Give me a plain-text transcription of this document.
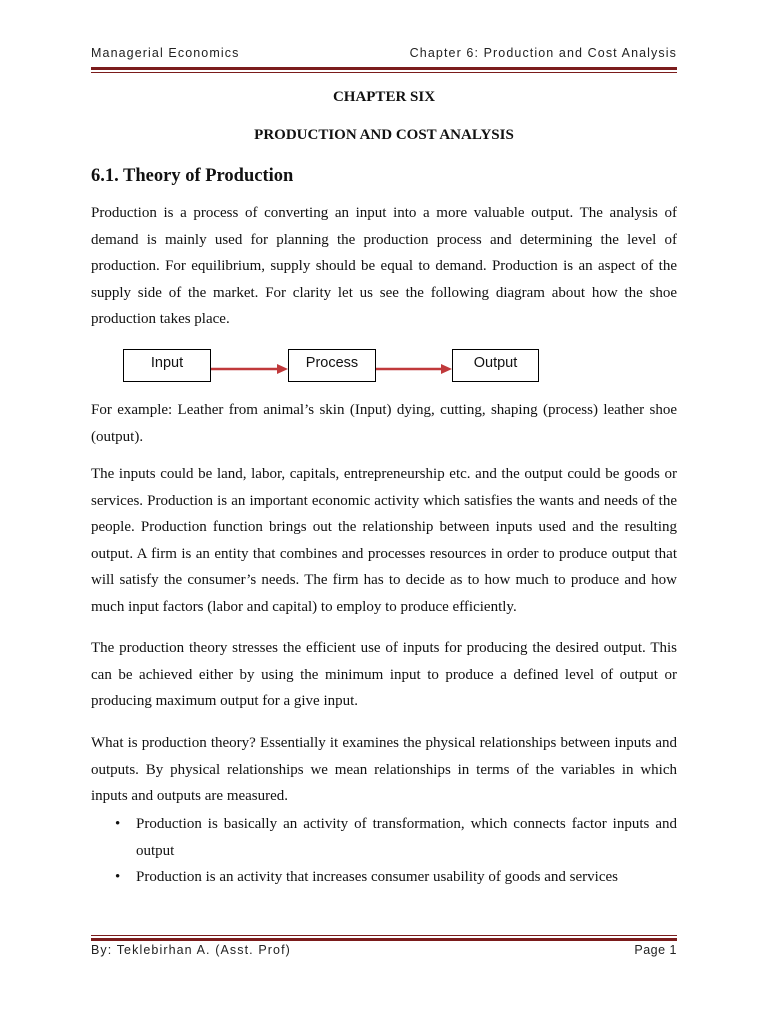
Managerial Economics	Chapter 6: Production and Cost Analysis
CHAPTER SIX
PRODUCTION AND COST ANALYSIS
6.1. Theory of Production

Production is a process of converting an input into a more valuable output. The analysis of demand is mainly used for planning the production process and determining the level of production. For equilibrium, supply should be equal to demand. Production is an aspect of the supply side of the market. For clarity let us see the following diagram about how the shoe production takes place.

Input	Process	Output

For example: Leather from animal’s skin (Input) dying, cutting, shaping (process) leather shoe (output).

The inputs could be land, labor, capitals, entrepreneurship etc. and the output could be goods or services. Production is an important economic activity which satisfies the wants and needs of the people. Production function brings out the relationship between inputs used and the resulting output. A firm is an entity that combines and processes resources in order to produce output that will satisfy the consumer’s needs. The firm has to decide as to how much to produce and how much input factors (labor and capital) to employ to produce efficiently.

The production theory stresses the efficient use of inputs for producing the desired output. This can be achieved either by using the minimum input to produce a defined level of output or producing maximum output for a give input.

What is production theory? Essentially it examines the physical relationships between inputs and outputs. By physical relationships we mean relationships in terms of the variables in which inputs and outputs are measured.

• Production is basically an activity of transformation, which connects factor inputs and output
• Production is an activity that increases consumer usability of goods and services
By: Teklebirhan A. (Asst. Prof)	Page 1
